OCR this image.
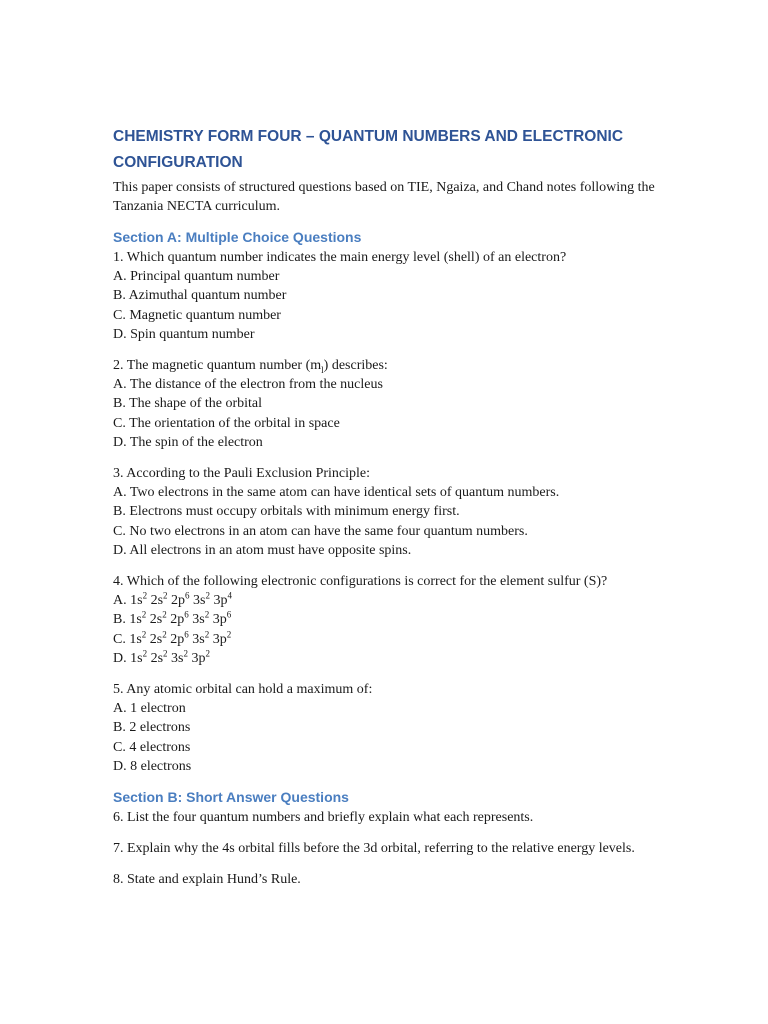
CHEMISTRY FORM FOUR – QUANTUM NUMBERS AND ELECTRONIC CONFIGURATION

This paper consists of structured questions based on TIE, Ngaiza, and Chand notes following the Tanzania NECTA curriculum.

Section A: Multiple Choice Questions

1. Which quantum number indicates the main energy level (shell) of an electron?

A. Principal quantum number

B. Azimuthal quantum number

C. Magnetic quantum number

D. Spin quantum number

2. The magnetic quantum number $(m_l)$ describes:

A. The distance of the electron from the nucleus

B. The shape of the orbital

C. The orientation of the orbital in space

D. The spin of the electron

3. According to the Pauli Exclusion Principle:

A. Two electrons in the same atom can have identical sets of quantum numbers.

B. Electrons must occupy orbitals with minimum energy first.

C. No two electrons in an atom can have the same four quantum numbers.

D. All electrons in an atom must have opposite spins.

4. Which of the following electronic configurations is correct for the element sulfur (S)?

A. $1s^2$ $2s^2$ $2p^6$ $3s^2$ $3p^4$

B. $1s^2$ $2s^2$ $2p^6$ $3s^2$ $3p^6$

C. $1s^2$ $2s^2$ $2p^6$ $3s^2$ $3p^2$

D. $1s^2$ $2s^2$ $3s^2$ $3p^2$

5. Any atomic orbital can hold a maximum of:

A. 1 electron

B. 2 electrons

C. 4 electrons

D. 8 electrons

Section B: Short Answer Questions

6. List the four quantum numbers and briefly explain what each represents.

7. Explain why the 4s orbital fills before the 3d orbital, referring to the relative energy levels.

8. State and explain Hund’s Rule.
